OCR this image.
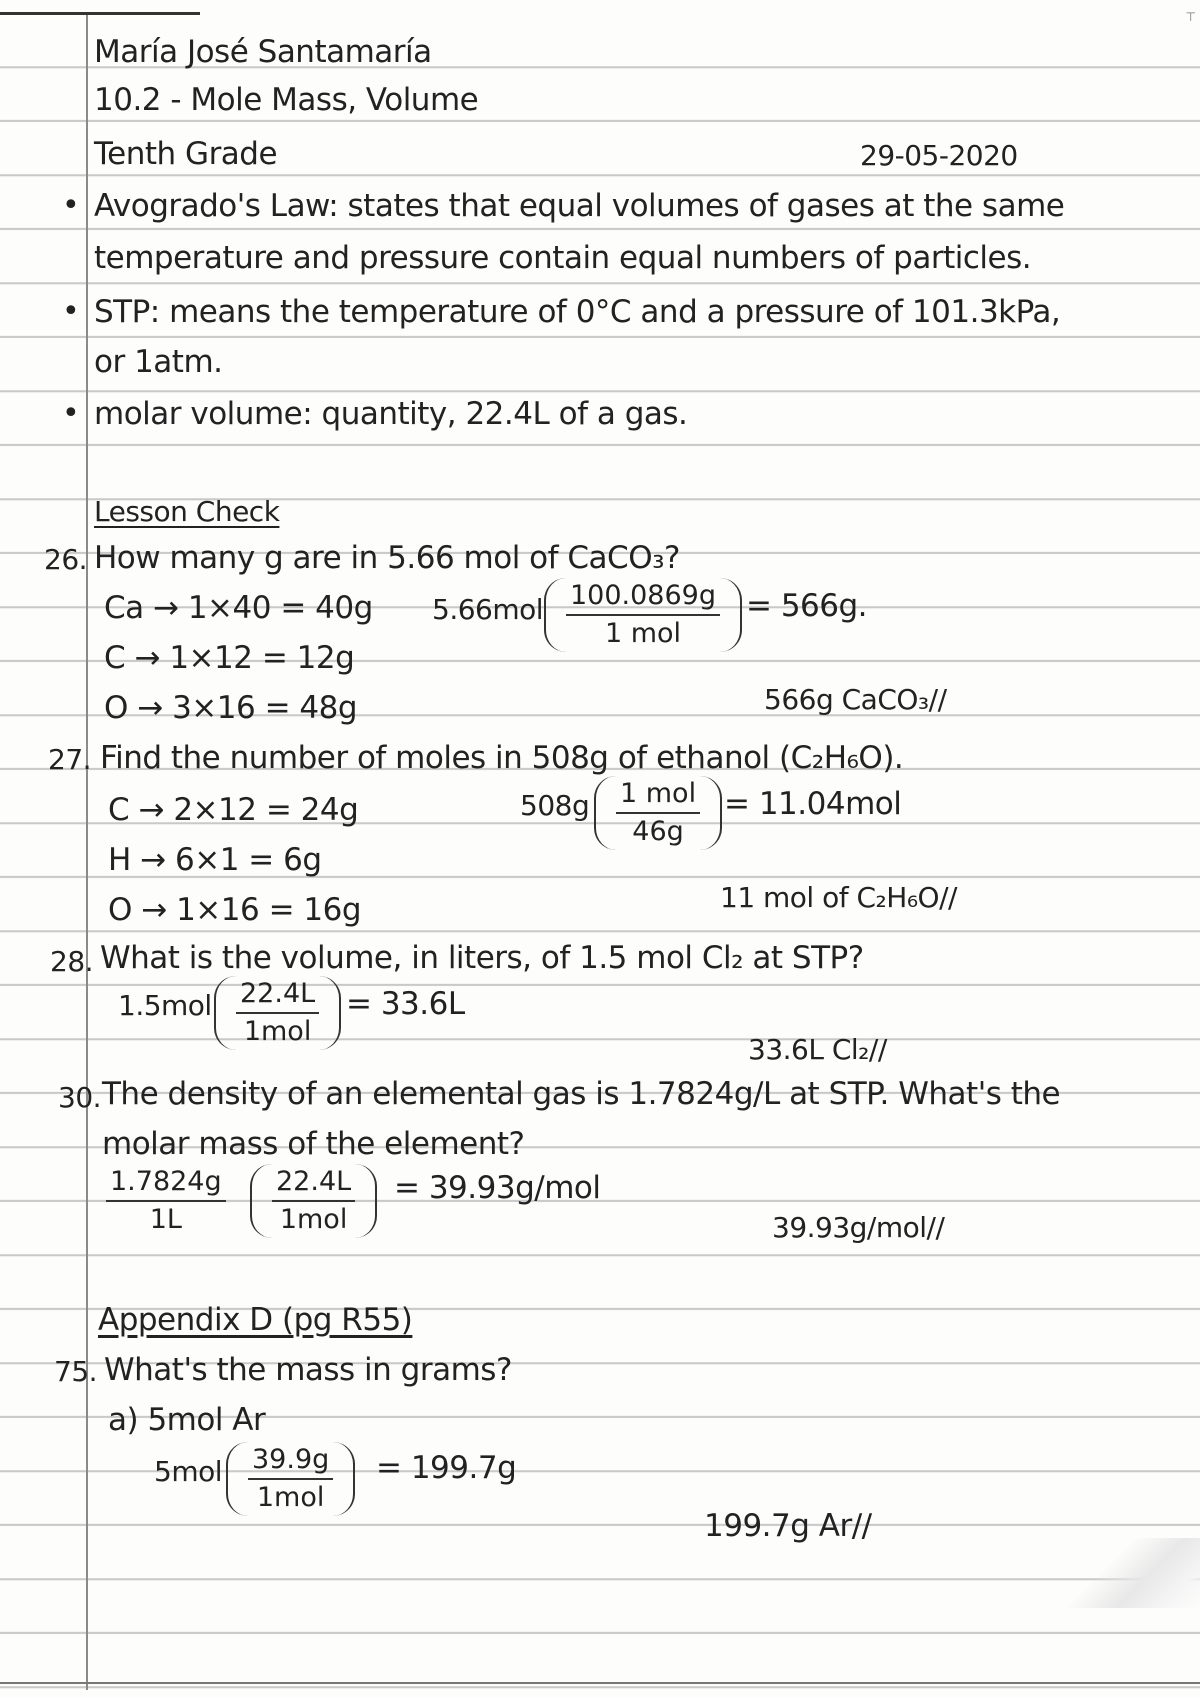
⊤
María José Santamaría
10.2 - Mole Mass, Volume
Tenth Grade	29-05-2020
• Avogrado's Law: states that equal volumes of gases at the same
temperature and pressure contain equal numbers of particles.
• STP: means the temperature of 0°C and a pressure of 101.3kPa,
or 1atm.
• molar volume: quantity, 22.4L of a gas.
Lesson Check
26. How many g are in 5.66 mol of CaCO₃?
Ca → 1×40 = 40g
C → 1×12 = 12g
O → 3×16 = 48g
5.66mol 100.0869g
1 mol
= 566g.
566g CaCO₃//
27. Find the number of moles in 508g of ethanol (C₂H₆O).
C → 2×12 = 24g
H → 6×1 = 6g
O → 1×16 = 16g
508g 1 mol
46g
= 11.04mol
11 mol of C₂H₆O//
28. What is the volume, in liters, of 1.5 mol Cl₂ at STP?
1.5mol 22.4L
1mol
= 33.6L
33.6L Cl₂//
30. The density of an elemental gas is 1.7824g/L at STP. What's the
molar mass of the element?
$\frac{1.7824g}{1L} 22.4L$
1mol
= 39.93g/mol
39.93g/mol//
Appendix D (pg R55)
75. What's the mass in grams?
a) 5mol Ar
5mol 39.9g
1mol
= 199.7g
199.7g Ar//
